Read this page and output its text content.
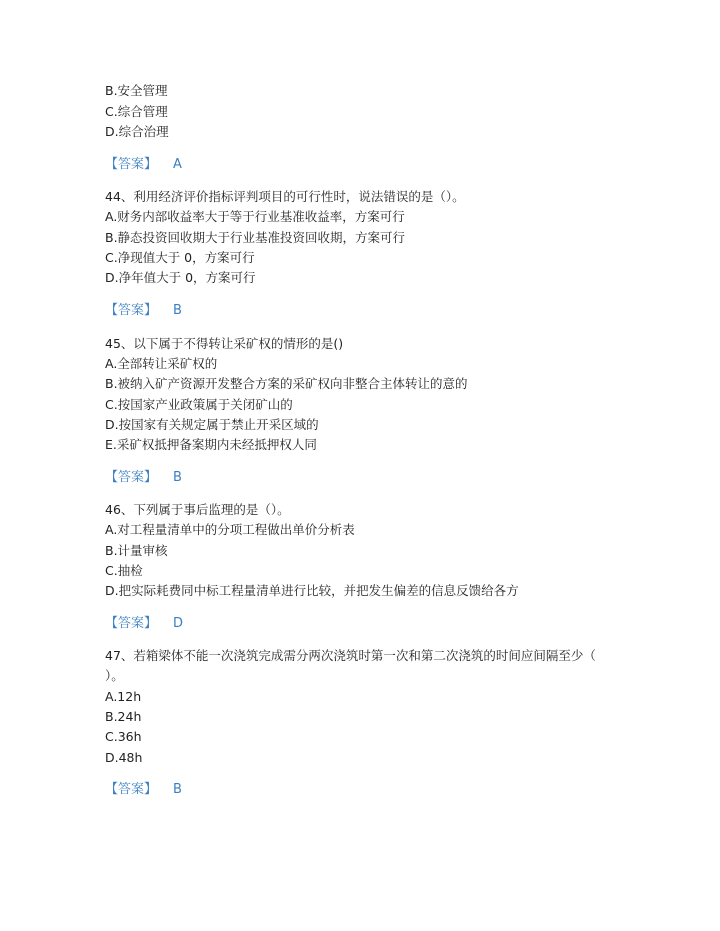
B.安全管理
C.综合管理
D.综合治理
【答案】 A
44、利用经济评价指标评判项目的可行性时，说法错误的是（）。
A.财务内部收益率大于等于行业基准收益率，方案可行
B.静态投资回收期大于行业基准投资回收期，方案可行
C.净现值大于 0，方案可行
D.净年值大于 0，方案可行
【答案】 B
45、以下属于不得转让采矿权的情形的是()
A.全部转让采矿权的
B.被纳入矿产资源开发整合方案的采矿权向非整合主体转让的意的
C.按国家产业政策属于关闭矿山的
D.按国家有关规定属于禁止开采区域的
E.采矿权抵押备案期内未经抵押权人同
【答案】 B
46、下列属于事后监理的是（）。
A.对工程量清单中的分项工程做出单价分析表
B.计量审核
C.抽检
D.把实际耗费同中标工程量清单进行比较，并把发生偏差的信息反馈给各方
【答案】 D
47、若箱梁体不能一次浇筑完成需分两次浇筑时第一次和第二次浇筑的时间应间隔至少（
）。
A.12h
B.24h
C.36h
D.48h
【答案】 B
